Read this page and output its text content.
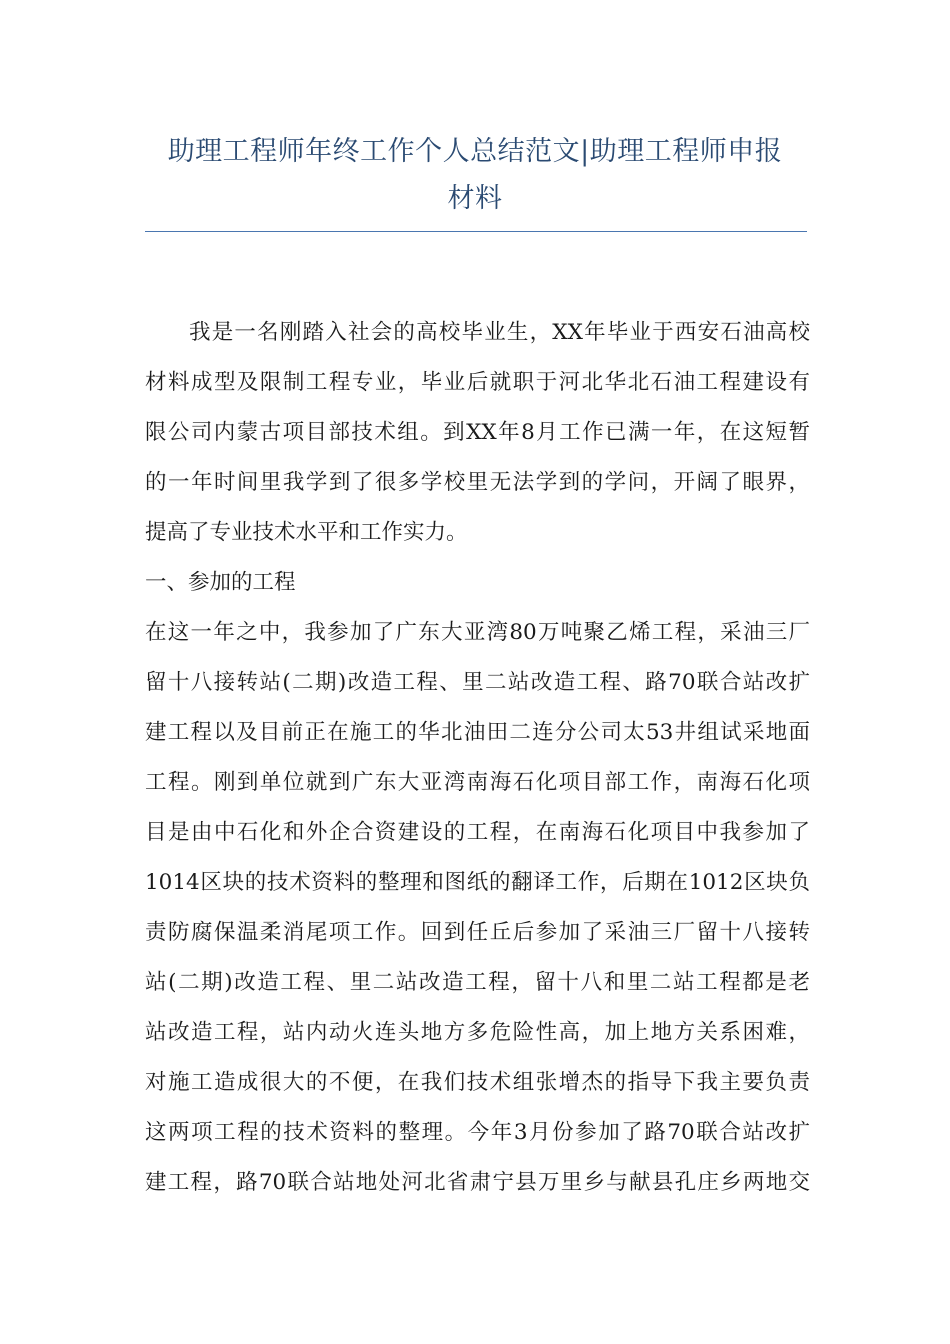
助理工程师年终工作个人总结范文|助理工程师申报
材料
我是一名刚踏入社会的高校毕业生，XX年毕业于西安石油高校
材料成型及限制工程专业，毕业后就职于河北华北石油工程建设有
限公司内蒙古项目部技术组。到XX年8月工作已满一年，在这短暂
的一年时间里我学到了很多学校里无法学到的学问，开阔了眼界，
提高了专业技术水平和工作实力。
一、参加的工程
在这一年之中，我参加了广东大亚湾80万吨聚乙烯工程，采油三厂
留十八接转站(二期)改造工程、里二站改造工程、路70联合站改扩
建工程以及目前正在施工的华北油田二连分公司太53井组试采地面
工程。刚到单位就到广东大亚湾南海石化项目部工作，南海石化项
目是由中石化和外企合资建设的工程，在南海石化项目中我参加了
1014区块的技术资料的整理和图纸的翻译工作，后期在1012区块负
责防腐保温柔消尾项工作。回到任丘后参加了采油三厂留十八接转
站(二期)改造工程、里二站改造工程，留十八和里二站工程都是老
站改造工程，站内动火连头地方多危险性高，加上地方关系困难，
对施工造成很大的不便，在我们技术组张增杰的指导下我主要负责
这两项工程的技术资料的整理。今年3月份参加了路70联合站改扩
建工程，路70联合站地处河北省肃宁县万里乡与献县孔庄乡两地交
